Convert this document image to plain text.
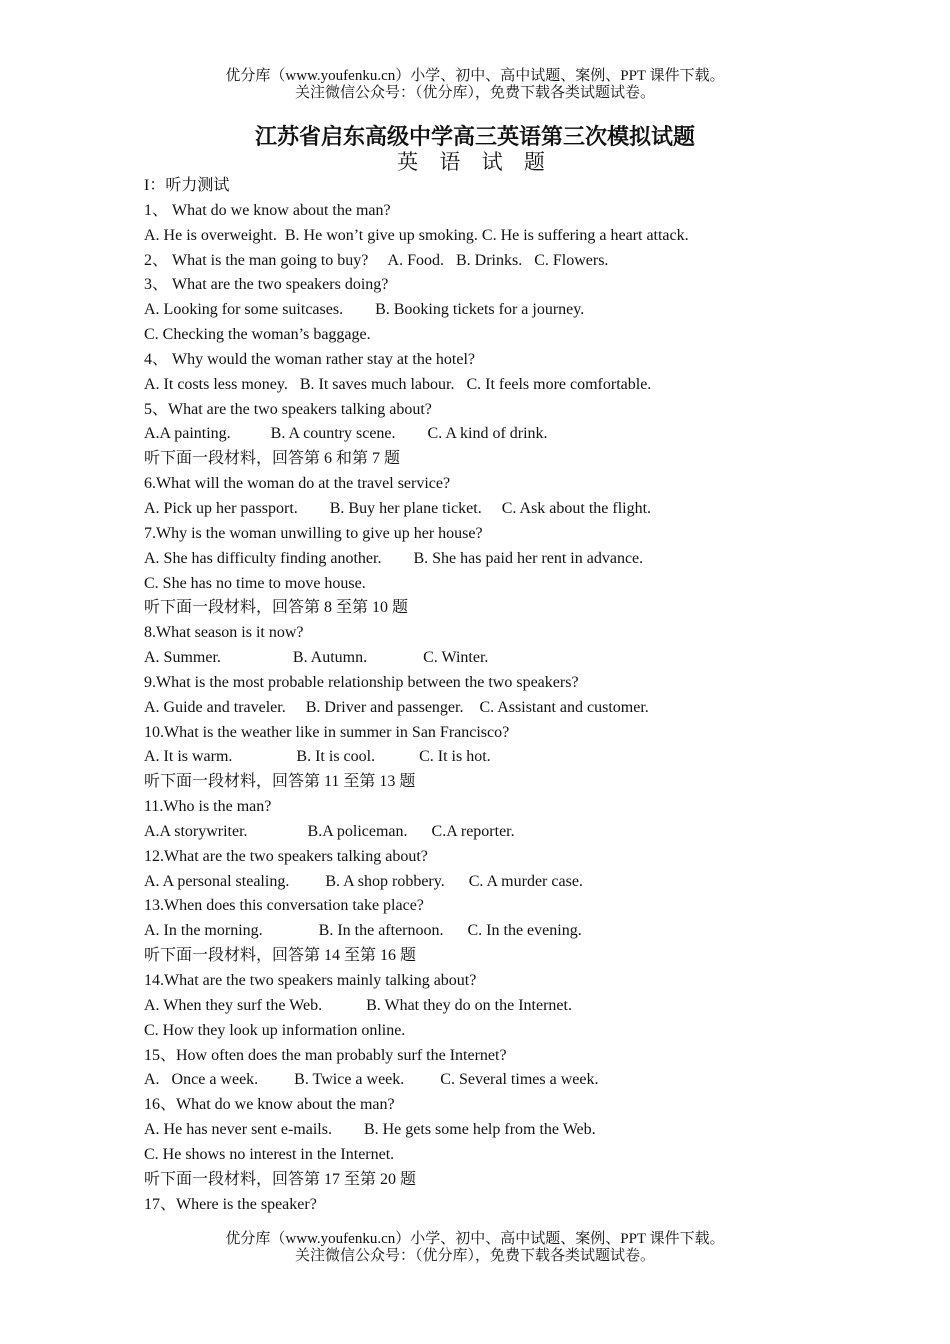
优分库（www.youfenku.cn）小学、初中、高中试题、案例、PPT 课件下载。
关注微信公众号：（优分库），免费下载各类试题试卷。
江苏省启东高级中学高三英语第三次模拟试题
英 语 试 题
I：听力测试
1、 What do we know about the man?
A. He is overweight.  B. He won’t give up smoking. C. He is suffering a heart attack.
2、 What is the man going to buy?     A. Food.   B. Drinks.   C. Flowers.
3、 What are the two speakers doing?
A. Looking for some suitcases.        B. Booking tickets for a journey.
C. Checking the woman’s baggage.
4、 Why would the woman rather stay at the hotel?
A. It costs less money.   B. It saves much labour.   C. It feels more comfortable.
5、What are the two speakers talking about?
A.A painting.          B. A country scene.        C. A kind of drink.
听下面一段材料，回答第 6 和第 7 题
6.What will the woman do at the travel service?
A. Pick up her passport.        B. Buy her plane ticket.     C. Ask about the flight.
7.Why is the woman unwilling to give up her house?
A. She has difficulty finding another.        B. She has paid her rent in advance.
C. She has no time to move house.
听下面一段材料，回答第 8 至第 10 题
8.What season is it now?
A. Summer.                  B. Autumn.              C. Winter.
9.What is the most probable relationship between the two speakers?
A. Guide and traveler.     B. Driver and passenger.    C. Assistant and customer.
10.What is the weather like in summer in San Francisco?
A. It is warm.                B. It is cool.           C. It is hot.
听下面一段材料，回答第 11 至第 13 题
11.Who is the man?
A.A storywriter.               B.A policeman.      C.A reporter.
12.What are the two speakers talking about?
A. A personal stealing.         B. A shop robbery.      C. A murder case.
13.When does this conversation take place?
A. In the morning.              B. In the afternoon.      C. In the evening.
听下面一段材料，回答第 14 至第 16 题
14.What are the two speakers mainly talking about?
A. When they surf the Web.           B. What they do on the Internet.
C. How they look up information online.
15、How often does the man probably surf the Internet?
A.   Once a week.         B. Twice a week.         C. Several times a week.
16、What do we know about the man?
A. He has never sent e-mails.        B. He gets some help from the Web.
C. He shows no interest in the Internet.
听下面一段材料，回答第 17 至第 20 题
17、Where is the speaker?
优分库（www.youfenku.cn）小学、初中、高中试题、案例、PPT 课件下载。
关注微信公众号：（优分库），免费下载各类试题试卷。
